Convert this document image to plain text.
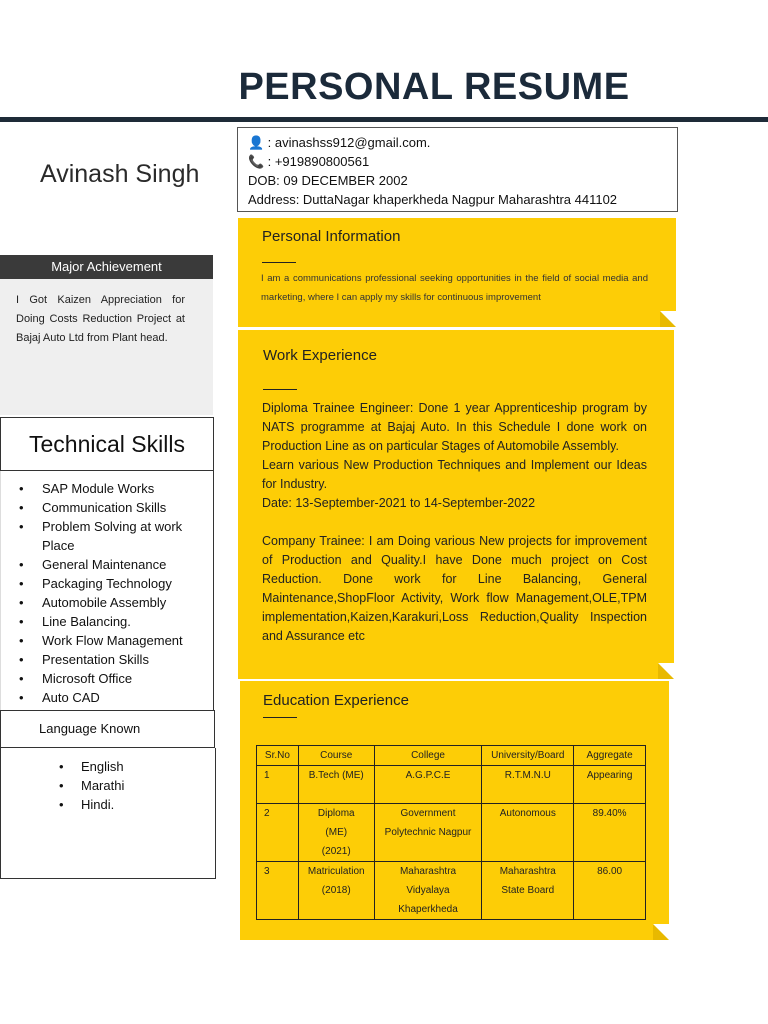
PERSONAL RESUME
Avinash Singh
👤 : avinashss912@gmail.com.
📞 : +919890800561
DOB: 09 DECEMBER 2002
Address: DuttaNagar khaperkheda Nagpur Maharashtra 441102
Major Achievement
I Got Kaizen Appreciation for Doing Costs Reduction Project at Bajaj Auto Ltd from Plant head.
Technical Skills
• SAP Module Works
• Communication Skills
• Problem Solving at work Place
• General Maintenance
• Packaging Technology
• Automobile Assembly
• Line Balancing.
• Work Flow Management
• Presentation Skills
• Microsoft Office
• Auto CAD
Language Known
• English
• Marathi
• Hindi.
Personal Information
I am a communications professional seeking opportunities in the field of social media and marketing, where I can apply my skills for continuous improvement
Work Experience

Diploma Trainee Engineer: Done 1 year Apprenticeship program by NATS programme at Bajaj Auto. In this Schedule I done work on Production Line as on particular Stages of Automobile Assembly.

Learn various New Production Techniques and Implement our Ideas for Industry.

Date: 13-September-2021 to 14-September-2022

Company Trainee: I am Doing various New projects for improvement of Production and Quality.I have Done much project on Cost Reduction. Done work for Line Balancing, General Maintenance,ShopFloor Activity, Work flow Management,OLE,TPM implementation,Kaizen,Karakuri,Loss Reduction,Quality Inspection and Assurance etc

Education Experience
Sr.No	Course	College	University/Board	Aggregate
1	B.Tech (ME)	A.G.P.C.E	R.T.M.N.U	Appearing
2	Diploma (ME) (2021)	Government Polytechnic Nagpur	Autonomous	89.40%
3	Matriculation (2018)	Maharashtra Vidyalaya Khaperkheda	Maharashtra State Board	86.00
